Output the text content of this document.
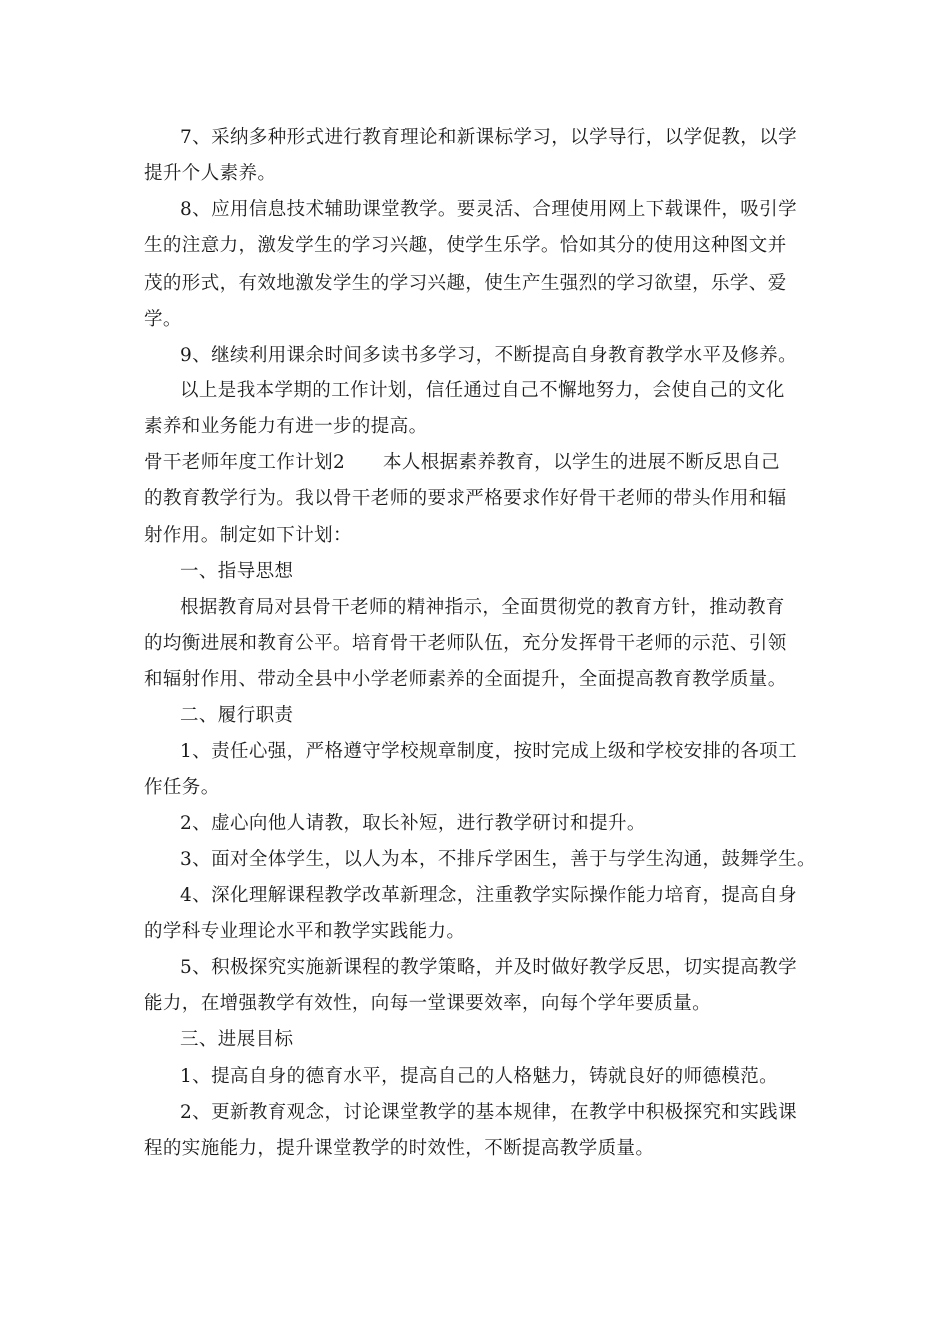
7、采纳多种形式进行教育理论和新课标学习，以学导行，以学促教，以学
提升个人素养。
8、应用信息技术辅助课堂教学。要灵活、合理使用网上下载课件，吸引学
生的注意力，激发学生的学习兴趣，使学生乐学。恰如其分的使用这种图文并
茂的形式，有效地激发学生的学习兴趣，使生产生强烈的学习欲望，乐学、爱
学。
9、继续利用课余时间多读书多学习，不断提高自身教育教学水平及修养。
以上是我本学期的工作计划，信任通过自己不懈地努力，会使自己的文化
素养和业务能力有进一步的提高。
骨干老师年度工作计划2　　本人根据素养教育，以学生的进展不断反思自己
的教育教学行为。我以骨干老师的要求严格要求作好骨干老师的带头作用和辐
射作用。制定如下计划：
一、指导思想
根据教育局对县骨干老师的精神指示，全面贯彻党的教育方针，推动教育
的均衡进展和教育公平。培育骨干老师队伍，充分发挥骨干老师的示范、引领
和辐射作用、带动全县中小学老师素养的全面提升，全面提高教育教学质量。
二、履行职责
1、责任心强，严格遵守学校规章制度，按时完成上级和学校安排的各项工
作任务。
2、虚心向他人请教，取长补短，进行教学研讨和提升。
3、面对全体学生，以人为本，不排斥学困生，善于与学生沟通，鼓舞学生。
4、深化理解课程教学改革新理念，注重教学实际操作能力培育，提高自身
的学科专业理论水平和教学实践能力。
5、积极探究实施新课程的教学策略，并及时做好教学反思，切实提高教学
能力，在增强教学有效性，向每一堂课要效率，向每个学年要质量。
三、进展目标
1、提高自身的德育水平，提高自己的人格魅力，铸就良好的师德模范。
2、更新教育观念，讨论课堂教学的基本规律，在教学中积极探究和实践课
程的实施能力，提升课堂教学的时效性，不断提高教学质量。
